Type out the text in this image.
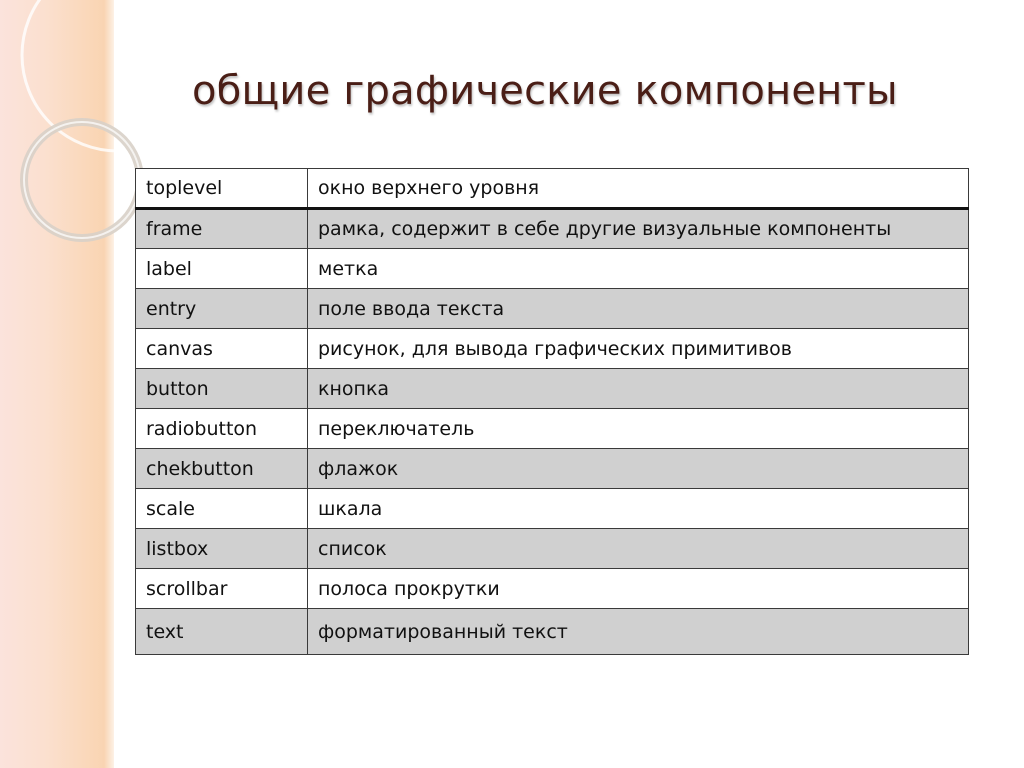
общие графические компоненты
toplevel	окно верхнего уровня
frame	рамка, содержит в себе другие визуальные компоненты
label	метка
entry	поле ввода текста
canvas	рисунок, для вывода графических примитивов
button	кнопка
radiobutton	переключатель
chekbutton	флажок
scale	шкала
listbox	список
scrollbar	полоса прокрутки
text	форматированный текст
